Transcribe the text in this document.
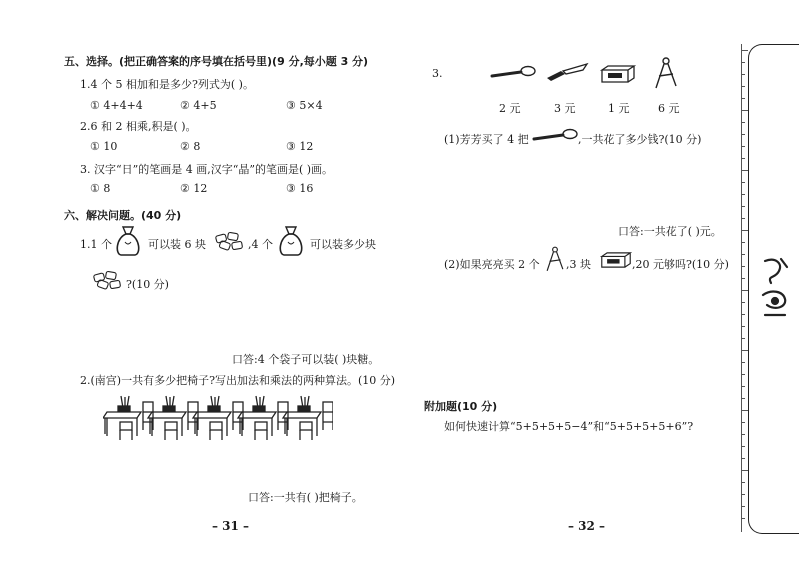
五、选择。(把正确答案的序号填在括号里)(9 分,每小题 3 分)
1.4 个 5 相加和是多少?列式为( )。
① 4+4+4	② 4+5	③ 5×4
2.6 和 2 相乘,积是( )。
① 10	② 8	③ 12
3. 汉字“日”的笔画是 4 画,汉字“晶”的笔画是( )画。
① 8	② 12	③ 16
六、解决问题。(40 分)
1.1 个	可以装 6 块	,4 个	可以装多少块
?(10 分)
口答:4 个袋子可以装( )块糖。
2.(南宫)一共有多少把椅子?写出加法和乘法的两种算法。(10 分)
口答:一共有( )把椅子。
– 31 –
3.
2 元	3 元	1 元	6 元
(1)芳芳买了 4 把	,一共花了多少钱?(10 分)
口答:一共花了( )元。
(2)如果亮亮买 2 个 ,3 块	,20 元够吗?(10 分)
附加题(10 分)
如何快速计算“5+5+5+5−4”和“5+5+5+5+6”?
– 32 –
